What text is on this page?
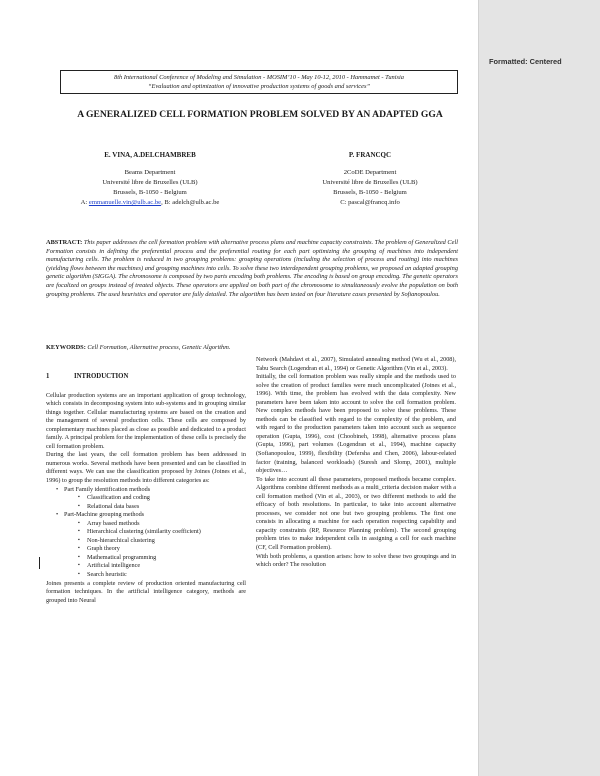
8th International Conference of Modeling and Simulation - MOSIM’10 - May 10-12, 2010 - Hammamet - Tunisia
“Evaluation and optimization of innovative production systems of goods and services”
A GENERALIZED CELL FORMATION PROBLEM SOLVED BY AN ADAPTED GGA
E. VINA, A.DELCHAMBREB
Beams Department
Université libre de Bruxelles (ULB)
Brussels, B-1050 - Belgium
A: emmanuelle.vin@ulb.ac.be, B: adelch@ulb.ac.be
P. FRANCQC
2CoDE Department
Université libre de Bruxelles (ULB)
Brussels, B-1050 - Belgium
C: pascal@francq.info
ABSTRACT: This paper addresses the cell formation problem with alternative process plans and machine capacity constraints. The problem of Generalized Cell Formation consists in defining the preferential process and the preferential routing for each part optimizing the grouping of machines into independent manufacturing cells. The problem is reduced in two grouping problems: grouping operations (including the selection of process and routing) into machines (yielding flows between the machines) and grouping machines into cells. To solve these two interdependent grouping problems, we proposed an adapted grouping genetic algorithm (SIGGA). The chromosome is composed by two parts encoding both problems. The encoding is based on group encoding. The genetic operators are focalized on groups instead of treated objects. These operators are applied on both part of the chromosome to simultaneously evolve the population on both grouping problems. The used heuristics and operator are fully detailed. The algorithm has been tested on four literature cases presented by Sofianopoulou.
KEYWORDS: Cell Formation, Alternative process, Genetic Algorithm.
1	INTRODUCTION

Cellular production systems are an important application of group technology, which consists in decomposing system into sub-systems and in grouping similar things together. Cellular manufacturing systems are based on the creation and the management of several production cells. These cells are composed by complementary machines placed as close as possible and dedicated to a product family. A principal problem for the implementation of these cells is precisely the cell formation problem.

During the last years, the cell formation problem has been addressed in numerous works. Several methods have been presented and can be classified in different ways. We can use the classification proposed by Joines (Joines et al., 1996) to group the resolution methods into different categories as:

• Part Family identification methods
▪ Classification and coding
▪ Relational data bases
• Part-Machine grouping methods
▪ Array based methods
▪ Hierarchical clustering (similarity coefficient)
▪ Non-hierarchical clustering
▪ Graph theory
▪ Mathematical programming
▪ Artificial intelligence
▪ Search heuristic

Joines presents a complete review of production oriented manufacturing cell formation techniques. In the artificial intelligence category, methods are grouped into Neural

Network (Mahdavi et al., 2007), Simulated annealing method (Wu et al., 2008), Tabu Search (Logendran et al., 1994) or Genetic Algorithm (Vin et al., 2003).

Initially, the cell formation problem was really simple and the methods used to solve the creation of product families were much uncomplicated (Joines et al., 1996). With time, the problem has evolved with the data complexity. New parameters have been taken into account to solve the cell formation problem. New complex methods have been proposed to solve these problems. These methods can be classified with regard to the complexity of the problem, and with regard to the production parameters taken into account such as sequence operation (Gupta, 1996), cost (Choobineh, 1998), alternative process plans (Gupta, 1996), part volumes (Logendran et al., 1994), machine capacity (Sofianopoulou, 1999), flexibility (Defersha and Chen, 2006), labour-related factor (training, balanced workloads) (Suresh and Slomp, 2001), multiple objectives…

To take into account all these parameters, proposed methods became complex. Algorithms combine different methods as a multi_criteria decision maker with a cell formation method (Vin et al., 2003), or two different methods to add the efficacy of both resolutions. In particular, to take into account alternative processes, we consider not one but two grouping problems. The first one consists in allocating a machine for each operation respecting capability and capacity constraints (RP, Resource Planning problem). The second grouping problem tries to make independent cells in assigning a cell for each machine (CF, Cell Formation problem).

With both problems, a question arises: how to solve these two groupings and in which order? The resolution

Formatted: Centered
